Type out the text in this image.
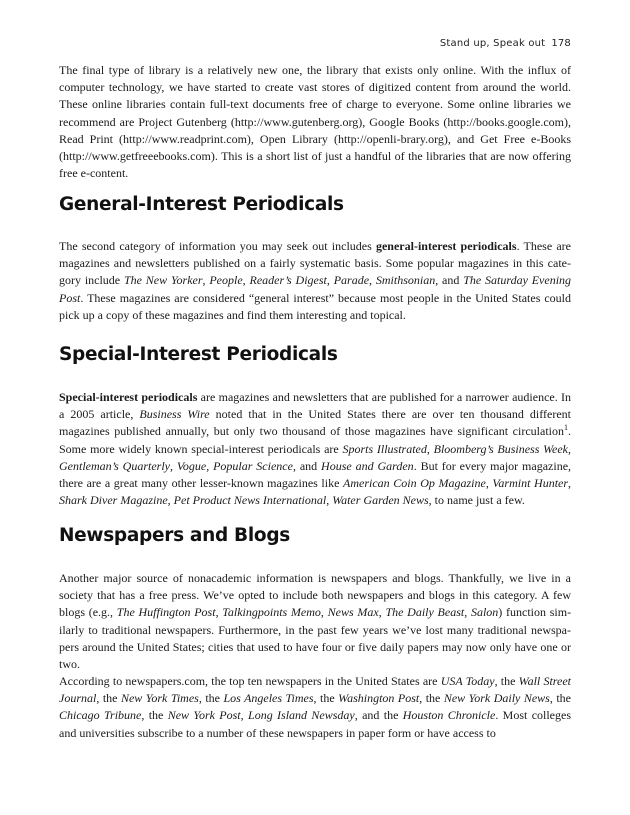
Stand up, Speak out 178

The final type of library is a relatively new one, the library that exists only online. With the influx of computer technology, we have started to create vast stores of digitized content from around the world. These online libraries contain full-text documents free of charge to everyone. Some online libraries we recommend are Project Gutenberg (http://www.gutenberg.org), Google Books (http://books.google.com), Read Print (http://www.readprint.com), Open Library (http://openli-brary.org), and Get Free e-Books (http://www.getfreeebooks.com). This is a short list of just a handful of the libraries that are now offering free e-content.

General-Interest Periodicals

The second category of information you may seek out includes general-interest periodicals. These are magazines and newsletters published on a fairly systematic basis. Some popular magazines in this cate-gory include The New Yorker, People, Reader’s Digest, Parade, Smithsonian, and The Saturday Evening Post. These magazines are considered “general interest” because most people in the United States could pick up a copy of these magazines and find them interesting and topical.

Special-Interest Periodicals

Special-interest periodicals are magazines and newsletters that are published for a narrower audience. In a 2005 article, Business Wire noted that in the United States there are over ten thousand different magazines published annually, but only two thousand of those magazines have significant circulation$^1$. Some more widely known special-interest periodicals are Sports Illustrated, Bloomberg’s Business Week, Gentleman’s Quarterly, Vogue, Popular Science, and House and Garden. But for every major magazine, there are a great many other lesser-known magazines like American Coin Op Magazine, Varmint Hunter, Shark Diver Magazine, Pet Product News International, Water Garden News, to name just a few.

Newspapers and Blogs

Another major source of nonacademic information is newspapers and blogs. Thankfully, we live in a society that has a free press. We’ve opted to include both newspapers and blogs in this category. A few blogs (e.g., The Huffington Post, Talkingpoints Memo, News Max, The Daily Beast, Salon) function sim-ilarly to traditional newspapers. Furthermore, in the past few years we’ve lost many traditional newspa-pers around the United States; cities that used to have four or five daily papers may now only have one or two.

According to newspapers.com, the top ten newspapers in the United States are USA Today, the Wall Street Journal, the New York Times, the Los Angeles Times, the Washington Post, the New York Daily News, the Chicago Tribune, the New York Post, Long Island Newsday, and the Houston Chronicle. Most colleges and universities subscribe to a number of these newspapers in paper form or have access to
